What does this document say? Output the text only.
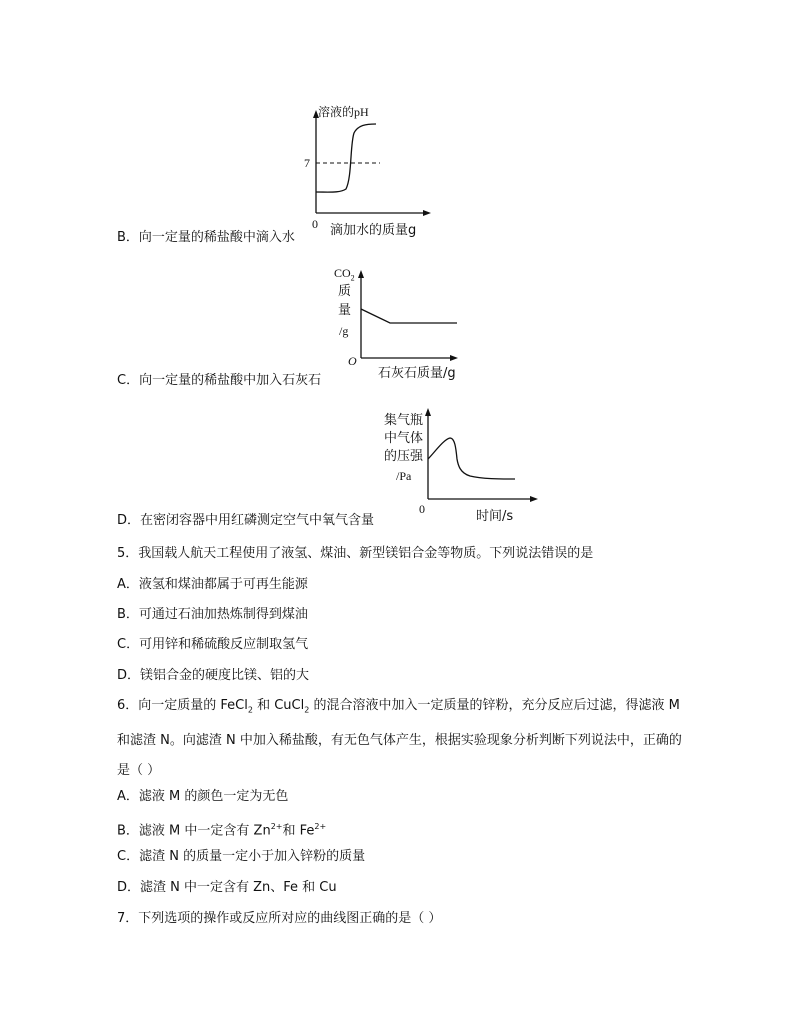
溶液的pH
7
0 滴加水的质量g
B．向一定量的稀盐酸中滴入水
$CO_2$
质
量
/g
O
石灰石质量/g
C．向一定量的稀盐酸中加入石灰石
集气瓶
中气体
的压强
/Pa
0	时间/s
D．在密闭容器中用红磷测定空气中氧气含量
5．我国载人航天工程使用了液氢、煤油、新型镁铝合金等物质。下列说法错误的是
A．液氢和煤油都属于可再生能源
B．可通过石油加热炼制得到煤油
C．可用锌和稀硫酸反应制取氢气
D．镁铝合金的硬度比镁、铝的大
6．向一定质量的 FeCl$_2$ 和 CuCl$_2$ 的混合溶液中加入一定质量的锌粉，充分反应后过滤，得滤液 M 和滤渣 N。向滤渣 N 中加入稀盐酸，有无色气体产生，根据实验现象分析判断下列说法中，正确的是（ ）
A．滤液 M 的颜色一定为无色
B．滤液 M 中一定含有 $Zn^{2+}$和 $Fe^{2+}$
C．滤渣 N 的质量一定小于加入锌粉的质量
D．滤渣 N 中一定含有 Zn、Fe 和 Cu
7．下列选项的操作或反应所对应的曲线图正确的是（ ）
